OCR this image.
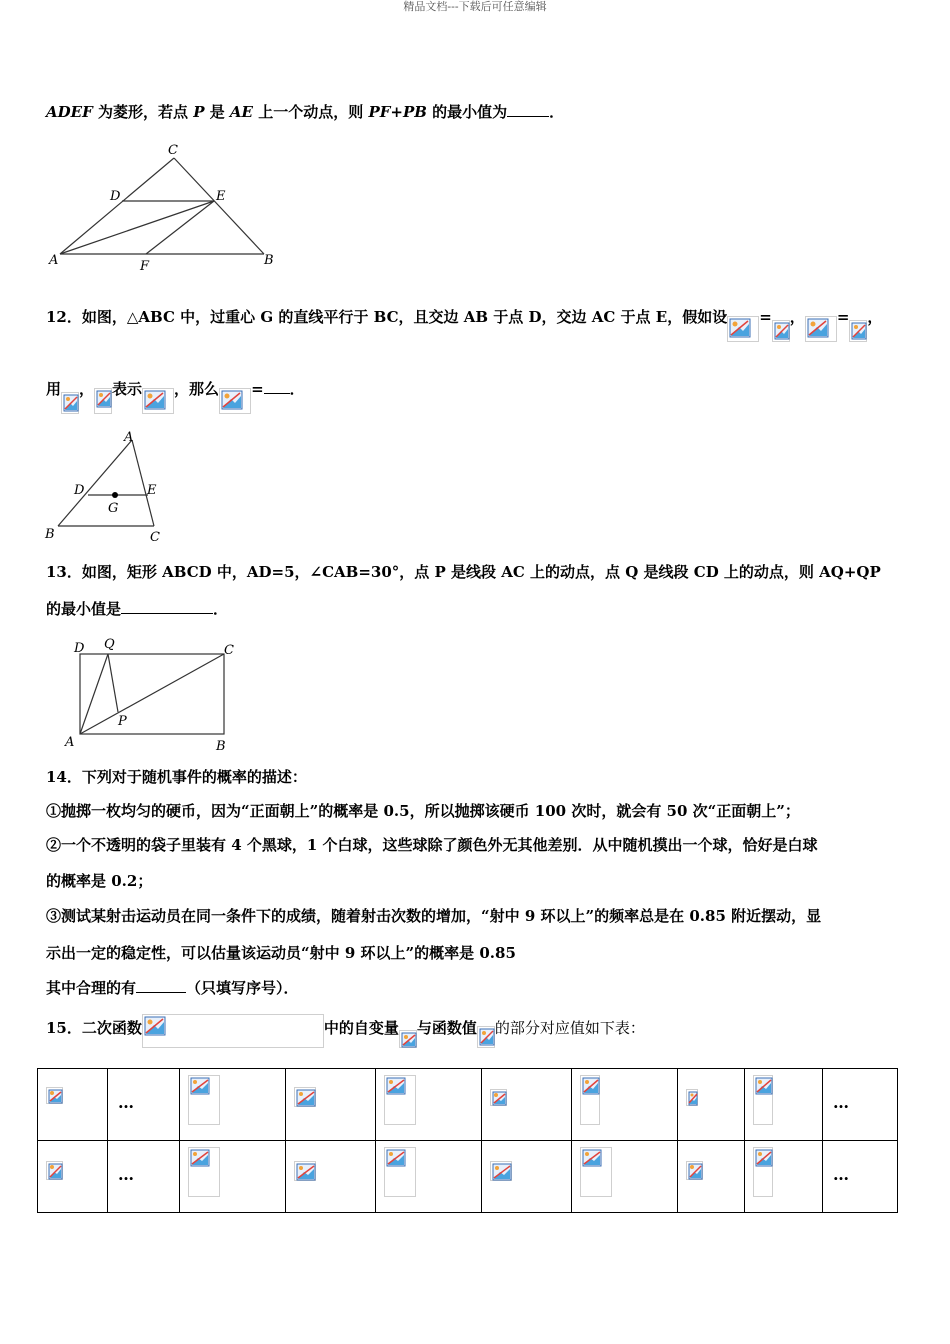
精品文档---下载后可任意编辑
ADEF 为菱形，若点 P 是 AE 上一个动点，则 PF+PB 的最小值为	．
C
D	E
A	F	B
12．如图，△ABC 中，过重心 G 的直线平行于 BC，且交边 AB 于点 D，交边 AC 于点 E，假如设 = ， = ，
用 ， 表示 ，那么 = ．
A
D	E
G
B	C
13．如图，矩形 ABCD 中，AD=5，∠CAB=30°，点 P 是线段 AC 上的动点，点 Q 是线段 CD 上的动点，则 AQ+QP
的最小值是	．
D Q	C
P
A	B
14．下列对于随机事件的概率的描述：
①抛掷一枚均匀的硬币，因为“正面朝上”的概率是 0.5，所以抛掷该硬币 100 次时，就会有 50 次“正面朝上”；
②一个不透明的袋子里装有 4 个黑球，1 个白球，这些球除了颜色外无其他差别．从中随机摸出一个球，恰好是白球
的概率是 0.2；
③测试某射击运动员在同一条件下的成绩，随着射击次数的增加，“射中 9 环以上”的频率总是在 0.85 附近摆动，显
示出一定的稳定性，可以估量该运动员“射中 9 环以上”的概率是 0.85
其中合理的有	（只填写序号）．
15．二次函数	中的自变量 与函数值 的部分对应值如下表：

…								…

…								…
